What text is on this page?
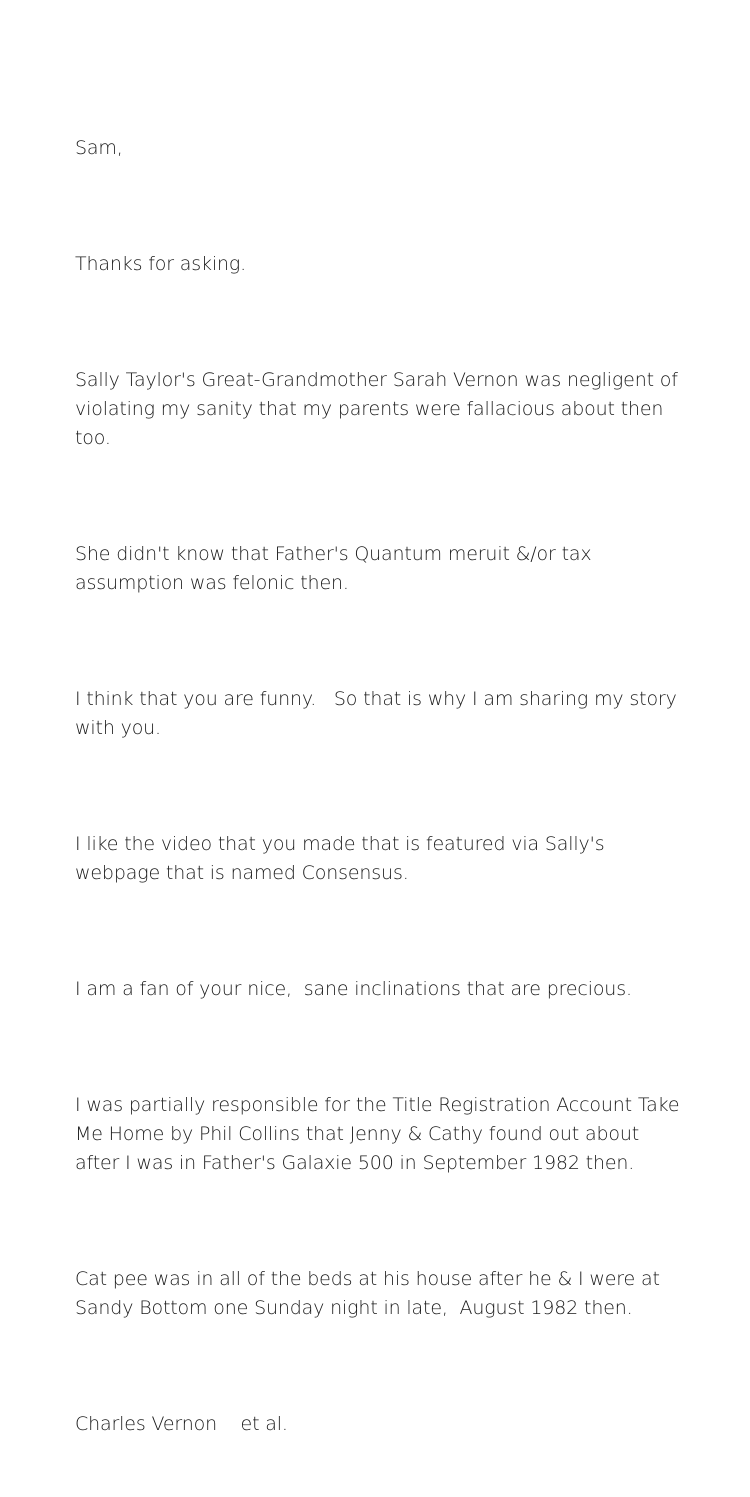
Sam,

Thanks for asking.

Sally Taylor's Great-Grandmother Sarah Vernon was negligent of violating my sanity that my parents were fallacious about then too.

She didn't know that Father's Quantum meruit &/or tax assumption was felonic then.

I think that you are funny.   So that is why I am sharing my story with you.

I like the video that you made that is featured via Sally's webpage that is named Consensus.

I am a fan of your nice,  sane inclinations that are precious.

I was partially responsible for the Title Registration Account Take Me Home by Phil Collins that Jenny & Cathy found out about after I was in Father's Galaxie 500 in September 1982 then.

Cat pee was in all of the beds at his house after he & I were at Sandy Bottom one Sunday night in late,  August 1982 then.

Charles Vernon    et al.
